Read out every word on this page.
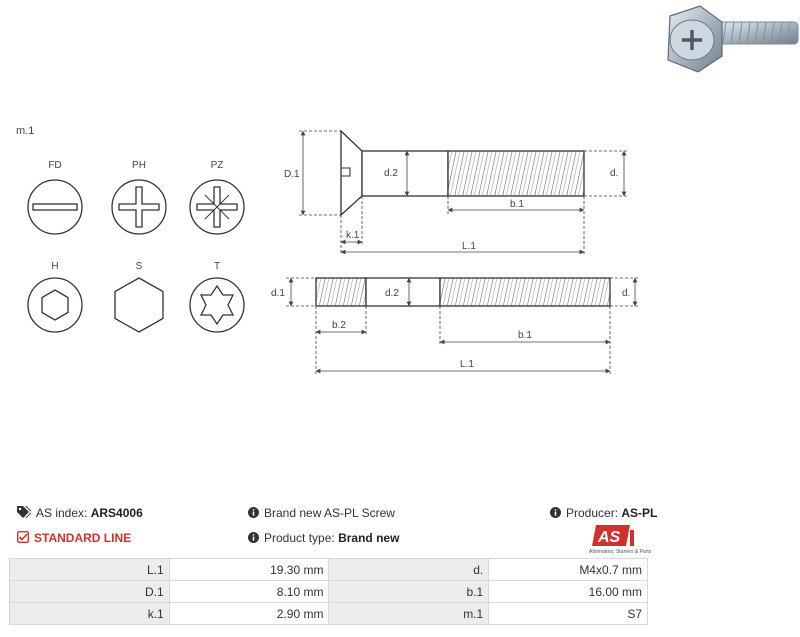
m.1
FD	PH	PZ
H	S	T
D.1	d.2	d.
b.1
k.1
L.1
d.1	d.2	d.
b.2
b.1
L.1
AS
Alternators, Starters & Parts
AS index: ARS4006
STANDARD LINE
Brand new AS-PL Screw
Product type: Brand new
Producer: AS-PL
L.1	19.30 mm	d.	M4x0.7 mm
D.1	8.10 mm	b.1	16.00 mm
k.1	2.90 mm	m.1	S7
